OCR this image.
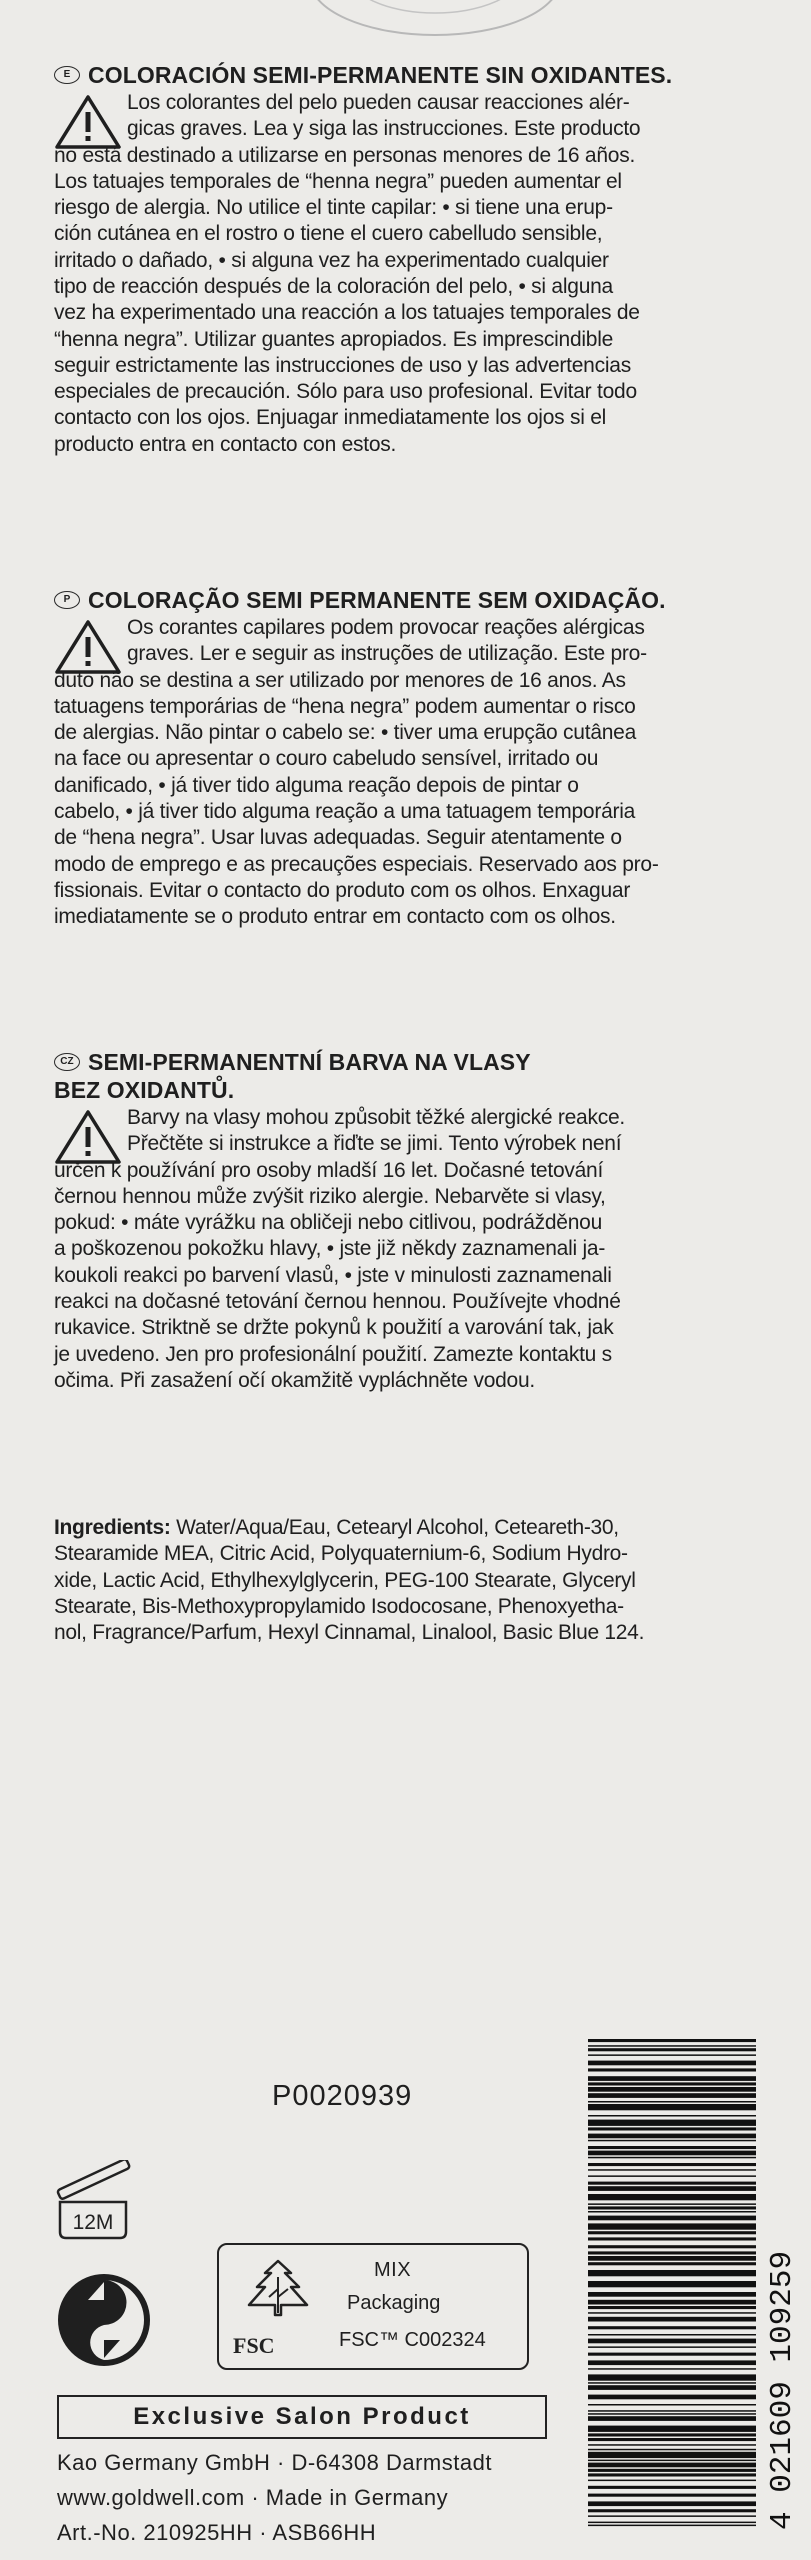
E COLORACIÓN SEMI-PERMANENTE SIN OXIDANTES.
Los colorantes del pelo pueden causar reacciones alér-
gicas graves. Lea y siga las instrucciones. Este producto
no está destinado a utilizarse en personas menores de 16 años.
Los tatuajes temporales de “henna negra” pueden aumentar el
riesgo de alergia. No utilice el tinte capilar: • si tiene una erup-
ción cutánea en el rostro o tiene el cuero cabelludo sensible,
irritado o dañado, • si alguna vez ha experimentado cualquier
tipo de reacción después de la coloración del pelo, • si alguna
vez ha experimentado una reacción a los tatuajes temporales de
“henna negra”. Utilizar guantes apropiados. Es imprescindible
seguir estrictamente las instrucciones de uso y las advertencias
especiales de precaución. Sólo para uso profesional. Evitar todo
contacto con los ojos. Enjuagar inmediatamente los ojos si el
producto entra en contacto con estos.
P COLORAÇÃO SEMI PERMANENTE SEM OXIDAÇÃO.
Os corantes capilares podem provocar reações alérgicas
graves. Ler e seguir as instruções de utilização. Este pro-
duto não se destina a ser utilizado por menores de 16 anos. As
tatuagens temporárias de “hena negra” podem aumentar o risco
de alergias. Não pintar o cabelo se: • tiver uma erupção cutânea
na face ou apresentar o couro cabeludo sensível, irritado ou
danificado, • já tiver tido alguma reação depois de pintar o
cabelo, • já tiver tido alguma reação a uma tatuagem temporária
de “hena negra”. Usar luvas adequadas. Seguir atentamente o
modo de emprego e as precauções especiais. Reservado aos pro-
fissionais. Evitar o contacto do produto com os olhos. Enxaguar
imediatamente se o produto entrar em contacto com os olhos.
CZ SEMI-PERMANENTNÍ BARVA NA VLASY
BEZ OXIDANTŮ.
Barvy na vlasy mohou způsobit těžké alergické reakce.
Přečtěte si instrukce a řiďte se jimi. Tento výrobek není
určen k používání pro osoby mladší 16 let. Dočasné tetování
černou hennou může zvýšit riziko alergie. Nebarvěte si vlasy,
pokud: • máte vyrážku na obličeji nebo citlivou, podrážděnou
a poškozenou pokožku hlavy, • jste již někdy zaznamenali ja-
koukoli reakci po barvení vlasů, • jste v minulosti zaznamenali
reakci na dočasné tetování černou hennou. Používejte vhodné
rukavice. Striktně se držte pokynů k použití a varování tak, jak
je uvedeno. Jen pro profesionální použití. Zamezte kontaktu s
očima. Při zasažení očí okamžitě vypláchněte vodou.
Ingredients: Water/Aqua/Eau, Cetearyl Alcohol, Ceteareth-30,
Stearamide MEA, Citric Acid, Polyquaternium-6, Sodium Hydro-
xide, Lactic Acid, Ethylhexylglycerin, PEG-100 Stearate, Glyceryl
Stearate, Bis-Methoxypropylamido Isodocosane, Phenoxyetha-
nol, Fragrance/Parfum, Hexyl Cinnamal, Linalool, Basic Blue 124.
P0020939
4 021609 109259
12M
FSC
MIX
Packaging
FSC™ C002324
Exclusive Salon Product
Kao Germany GmbH · D-64308 Darmstadt
www.goldwell.com · Made in Germany
Art.-No. 210925HH · ASB66HH
